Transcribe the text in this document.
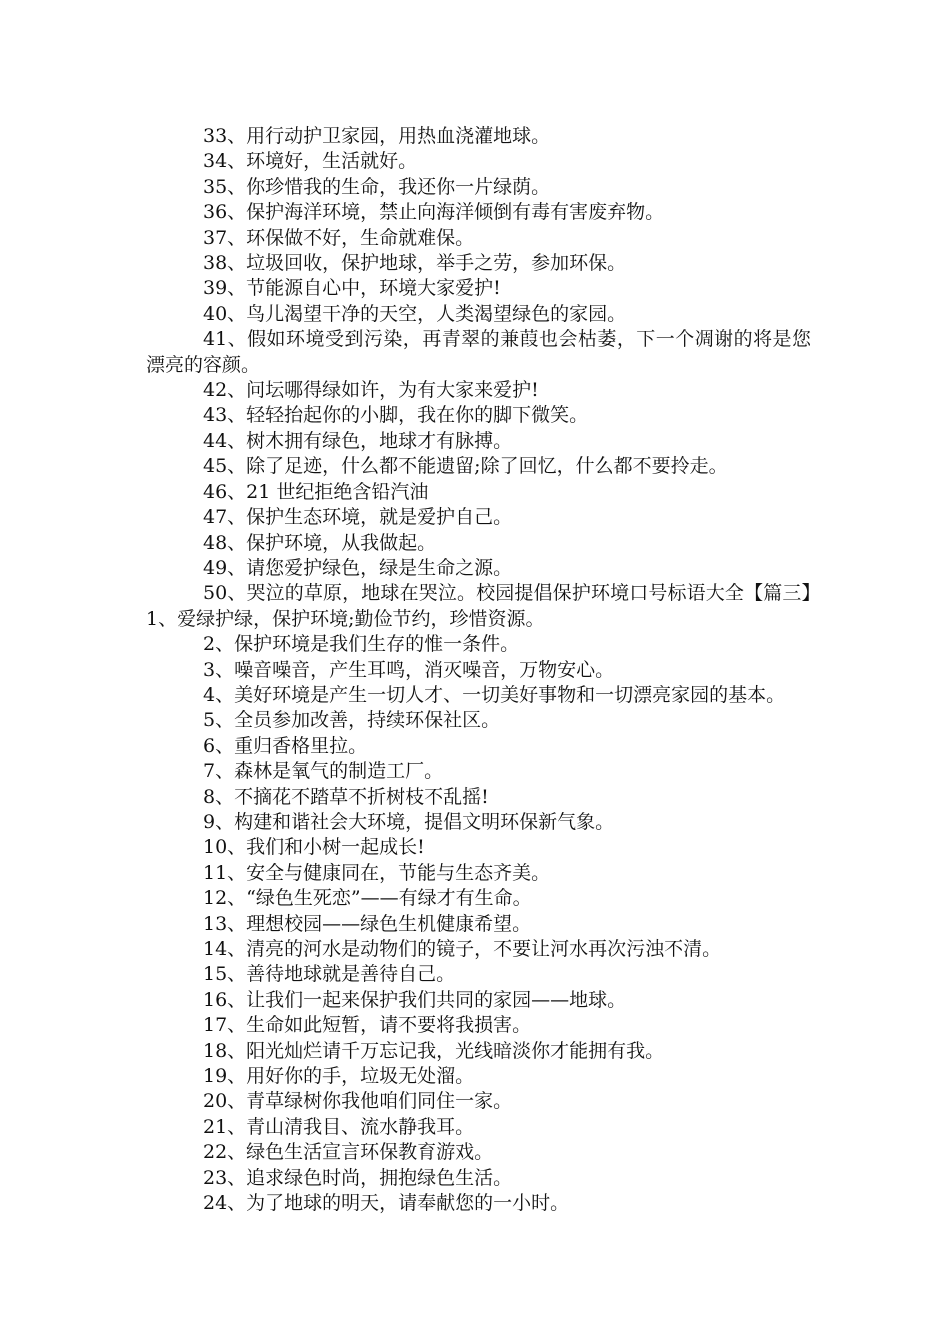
33、用行动护卫家园，用热血浇灌地球。

34、环境好，生活就好。

35、你珍惜我的生命，我还你一片绿荫。

36、保护海洋环境，禁止向海洋倾倒有毒有害废弃物。

37、环保做不好，生命就难保。

38、垃圾回收，保护地球，举手之劳，参加环保。

39、节能源自心中，环境大家爱护!

40、鸟儿渴望干净的天空，人类渴望绿色的家园。

41、假如环境受到污染，再青翠的兼葭也会枯萎，下一个凋谢的将是您漂亮的容颜。

42、问坛哪得绿如许，为有大家来爱护!

43、轻轻抬起你的小脚，我在你的脚下微笑。

44、树木拥有绿色，地球才有脉搏。

45、除了足迹，什么都不能遗留;除了回忆，什么都不要拎走。

46、21 世纪拒绝含铅汽油

47、保护生态环境，就是爱护自己。

48、保护环境，从我做起。

49、请您爱护绿色，绿是生命之源。

50、哭泣的草原，地球在哭泣。校园提倡保护环境口号标语大全【篇三】1、爱绿护绿，保护环境;勤俭节约，珍惜资源。

2、保护环境是我们生存的惟一条件。

3、噪音噪音，产生耳鸣，消灭噪音，万物安心。

4、美好环境是产生一切人才、一切美好事物和一切漂亮家园的基本。

5、全员参加改善，持续环保社区。

6、重归香格里拉。

7、森林是氧气的制造工厂。

8、不摘花不踏草不折树枝不乱摇!

9、构建和谐社会大环境，提倡文明环保新气象。

10、我们和小树一起成长!

11、安全与健康同在，节能与生态齐美。

12、“绿色生死恋”——有绿才有生命。

13、理想校园——绿色生机健康希望。

14、清亮的河水是动物们的镜子，不要让河水再次污浊不清。

15、善待地球就是善待自己。

16、让我们一起来保护我们共同的家园——地球。

17、生命如此短暂，请不要将我损害。

18、阳光灿烂请千万忘记我，光线暗淡你才能拥有我。

19、用好你的手，垃圾无处溜。

20、青草绿树你我他咱们同住一家。

21、青山清我目、流水静我耳。

22、绿色生活宣言环保教育游戏。

23、追求绿色时尚，拥抱绿色生活。

24、为了地球的明天，请奉献您的一小时。
